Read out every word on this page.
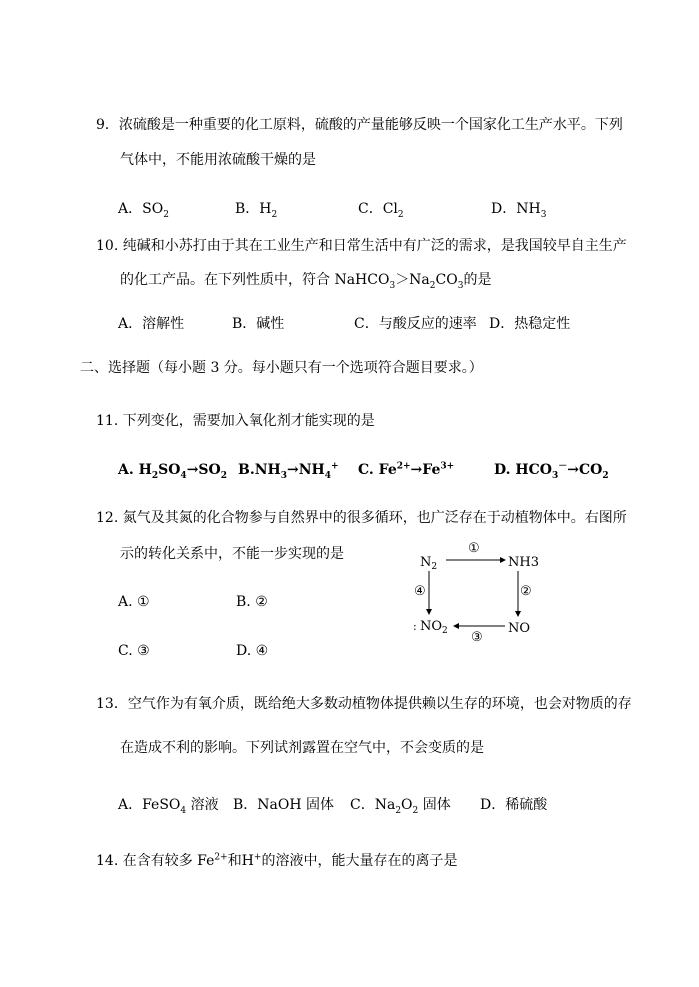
9．浓硫酸是一种重要的化工原料，硫酸的产量能够反映一个国家化工生产水平。下列
气体中，不能用浓硫酸干燥的是
A．$SO_2$	B．$H_2$	C．$Cl_2$	D．$NH_3$
10. 纯碱和小苏打由于其在工业生产和日常生活中有广泛的需求，是我国较早自主生产
的化工产品。在下列性质中，符合 $NaHCO_3>Na_2CO_3$的是
A．溶解性	B．碱性	C．与酸反应的速率 D．热稳定性
二、选择题（每小题 3 分。每小题只有一个选项符合题目要求。）
11. 下列变化，需要加入氧化剂才能实现的是
A. $H_2SO_4\to SO_2$ $B.NH_3\to NH_4^+$ C. $Fe^{2+}\to Fe^{3+}$	D. $HCO_3^-\to CO_2$
12. 氮气及其氮的化合物参与自然界中的很多循环，也广泛存在于动植物体中。右图所
示的转化关系中，不能一步实现的是
A. ①	B. ②
C. ③	D. ④
$N_2$	NH3
NO
: $NO_2$
①
②
③
④
13．空气作为有氧介质，既给绝大多数动植物体提供赖以生存的环境，也会对物质的存
在造成不利的影响。下列试剂露置在空气中，不会变质的是
A．FeSO$_4$ 溶液 B．NaOH 固体 C．$Na_2O_2$ 固体 D．稀硫酸
14. 在含有较多 $Fe^{2+}$和H+的溶液中，能大量存在的离子是
